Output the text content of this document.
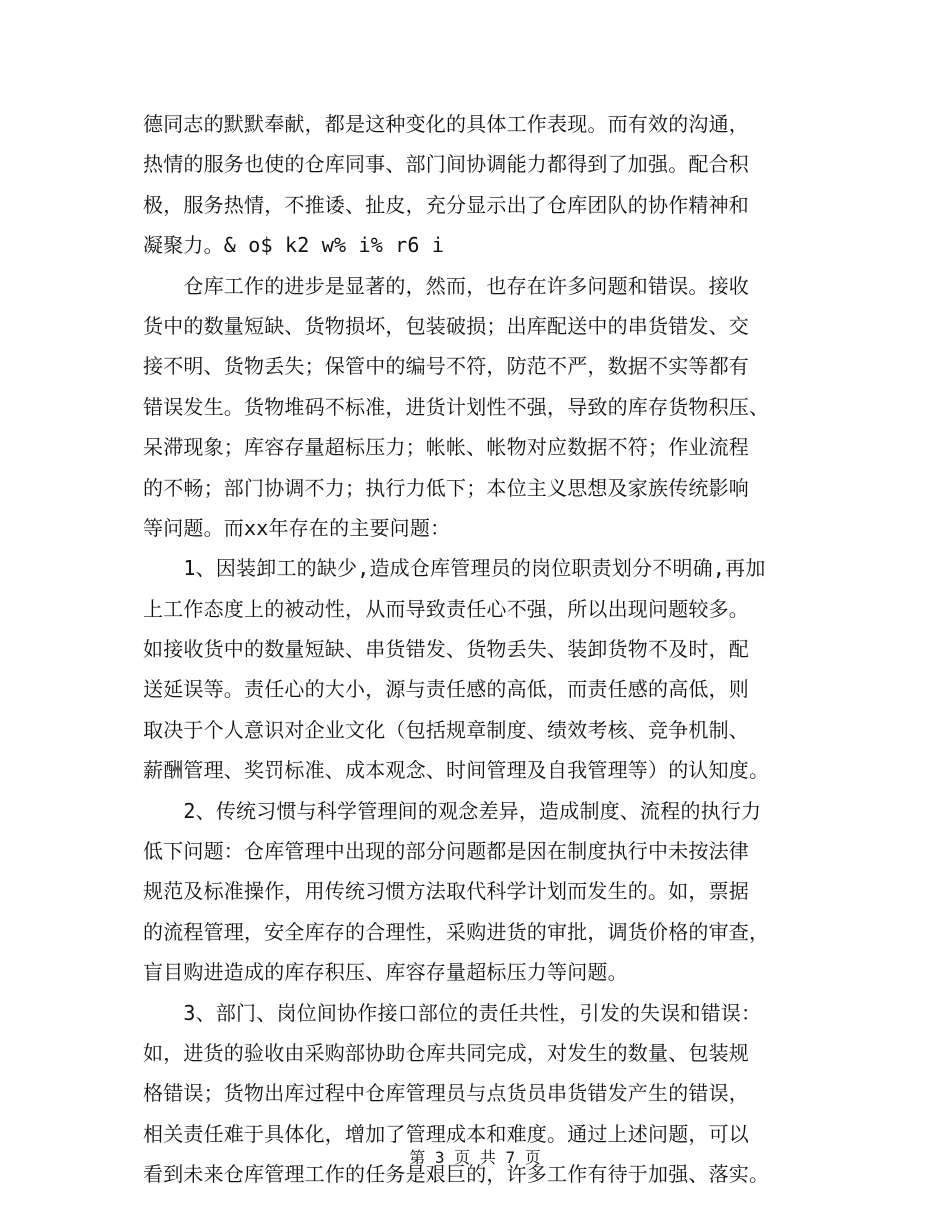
德同志的默默奉献，都是这种变化的具体工作表现。而有效的沟通，
热情的服务也使的仓库同事、部门间协调能力都得到了加强。配合积
极，服务热情，不推诿、扯皮，充分显示出了仓库团队的协作精神和
凝聚力。& o$ k2 w% i% r6 i
　　仓库工作的进步是显著的，然而，也存在许多问题和错误。接收
货中的数量短缺、货物损坏，包装破损；出库配送中的串货错发、交
接不明、货物丢失；保管中的编号不符，防范不严，数据不实等都有
错误发生。货物堆码不标准，进货计划性不强，导致的库存货物积压、
呆滞现象；库容存量超标压力；帐帐、帐物对应数据不符；作业流程
的不畅；部门协调不力；执行力低下；本位主义思想及家族传统影响
等问题。而xx年存在的主要问题：
　　1、因装卸工的缺少,造成仓库管理员的岗位职责划分不明确,再加
上工作态度上的被动性，从而导致责任心不强，所以出现问题较多。
如接收货中的数量短缺、串货错发、货物丢失、装卸货物不及时，配
送延误等。责任心的大小，源与责任感的高低，而责任感的高低，则
取决于个人意识对企业文化（包括规章制度、绩效考核、竞争机制、
薪酬管理、奖罚标准、成本观念、时间管理及自我管理等）的认知度。
　　2、传统习惯与科学管理间的观念差异，造成制度、流程的执行力
低下问题：仓库管理中出现的部分问题都是因在制度执行中未按法律
规范及标准操作，用传统习惯方法取代科学计划而发生的。如，票据
的流程管理，安全库存的合理性，采购进货的审批，调货价格的审查，
盲目购进造成的库存积压、库容存量超标压力等问题。
　　3、部门、岗位间协作接口部位的责任共性，引发的失误和错误：
如，进货的验收由采购部协助仓库共同完成，对发生的数量、包装规
格错误；货物出库过程中仓库管理员与点货员串货错发产生的错误，
相关责任难于具体化，增加了管理成本和难度。通过上述问题，可以
看到未来仓库管理工作的任务是艰巨的，许多工作有待于加强、落实。
第 3 页 共 7 页
